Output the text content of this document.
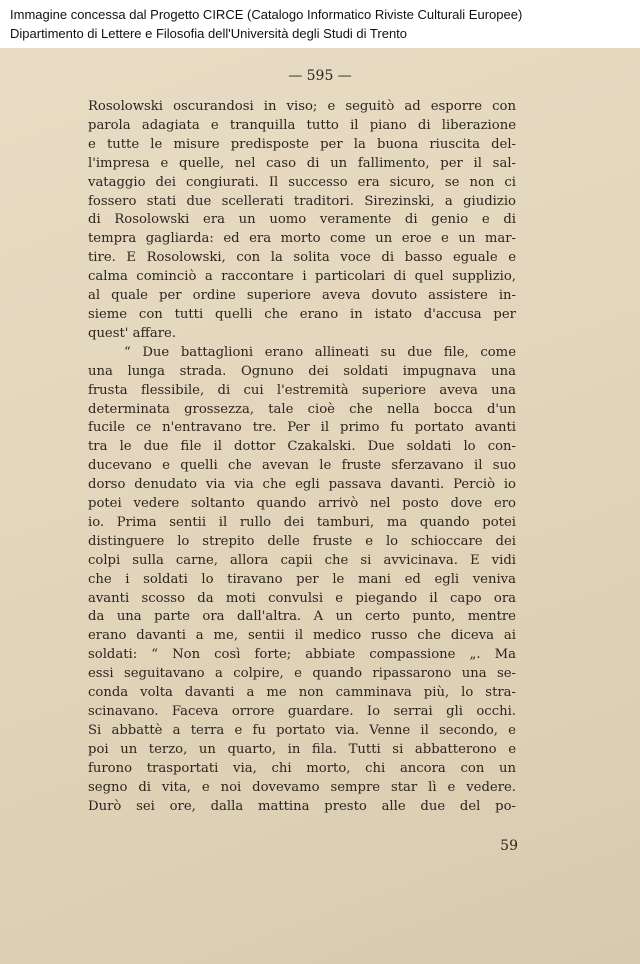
Immagine concessa dal Progetto CIRCE (Catalogo Informatico Riviste Culturali Europee)
Dipartimento di Lettere e Filosofia dell'Università degli Studi di Trento
— 595 —
Rosolowski oscurandosi in viso; e seguitò ad esporre con
parola adagiata e tranquilla tutto il piano di liberazione
e tutte le misure predisposte per la buona riuscita del-
l'impresa e quelle, nel caso di un fallimento, per il sal-
vataggio dei congiurati. Il successo era sicuro, se non ci
fossero stati due scellerati traditori. Sirezinski, a giudizio
di Rosolowski era un uomo veramente di genio e di
tempra gagliarda: ed era morto come un eroe e un mar-
tire. E Rosolowski, con la solita voce di basso eguale e
calma cominciò a raccontare i particolari di quel supplizio,
al quale per ordine superiore aveva dovuto assistere in-
sieme con tutti quelli che erano in istato d'accusa per
quest' affare.
“ Due battaglioni erano allineati su due file, come
una lunga strada. Ognuno dei soldati impugnava una
frusta flessibile, di cui l'estremità superiore aveva una
determinata grossezza, tale cioè che nella bocca d'un
fucile ce n'entravano tre. Per il primo fu portato avanti
tra le due file il dottor Czakalski. Due soldati lo con-
ducevano e quelli che avevan le fruste sferzavano il suo
dorso denudato via via che egli passava davanti. Perciò io
potei vedere soltanto quando arrivò nel posto dove ero
io. Prima sentii il rullo dei tamburi, ma quando potei
distinguere lo strepito delle fruste e lo schioccare dei
colpi sulla carne, allora capii che si avvicinava. E vidi
che i soldati lo tiravano per le mani ed egli veniva
avanti scosso da moti convulsi e piegando il capo ora
da una parte ora dall'altra. A un certo punto, mentre
erano davanti a me, sentii il medico russo che diceva ai
soldati: “ Non così forte; abbiate compassione „. Ma
essi seguitavano a colpire, e quando ripassarono una se-
conda volta davanti a me non camminava più, lo stra-
scinavano. Faceva orrore guardare. Io serrai gli occhi.
Si abbattè a terra e fu portato via. Venne il secondo, e
poi un terzo, un quarto, in fila. Tutti si abbatterono e
furono trasportati via, chi morto, chi ancora con un
segno di vita, e noi dovevamo sempre star lì e vedere.
Durò sei ore, dalla mattina presto alle due del po-
59
